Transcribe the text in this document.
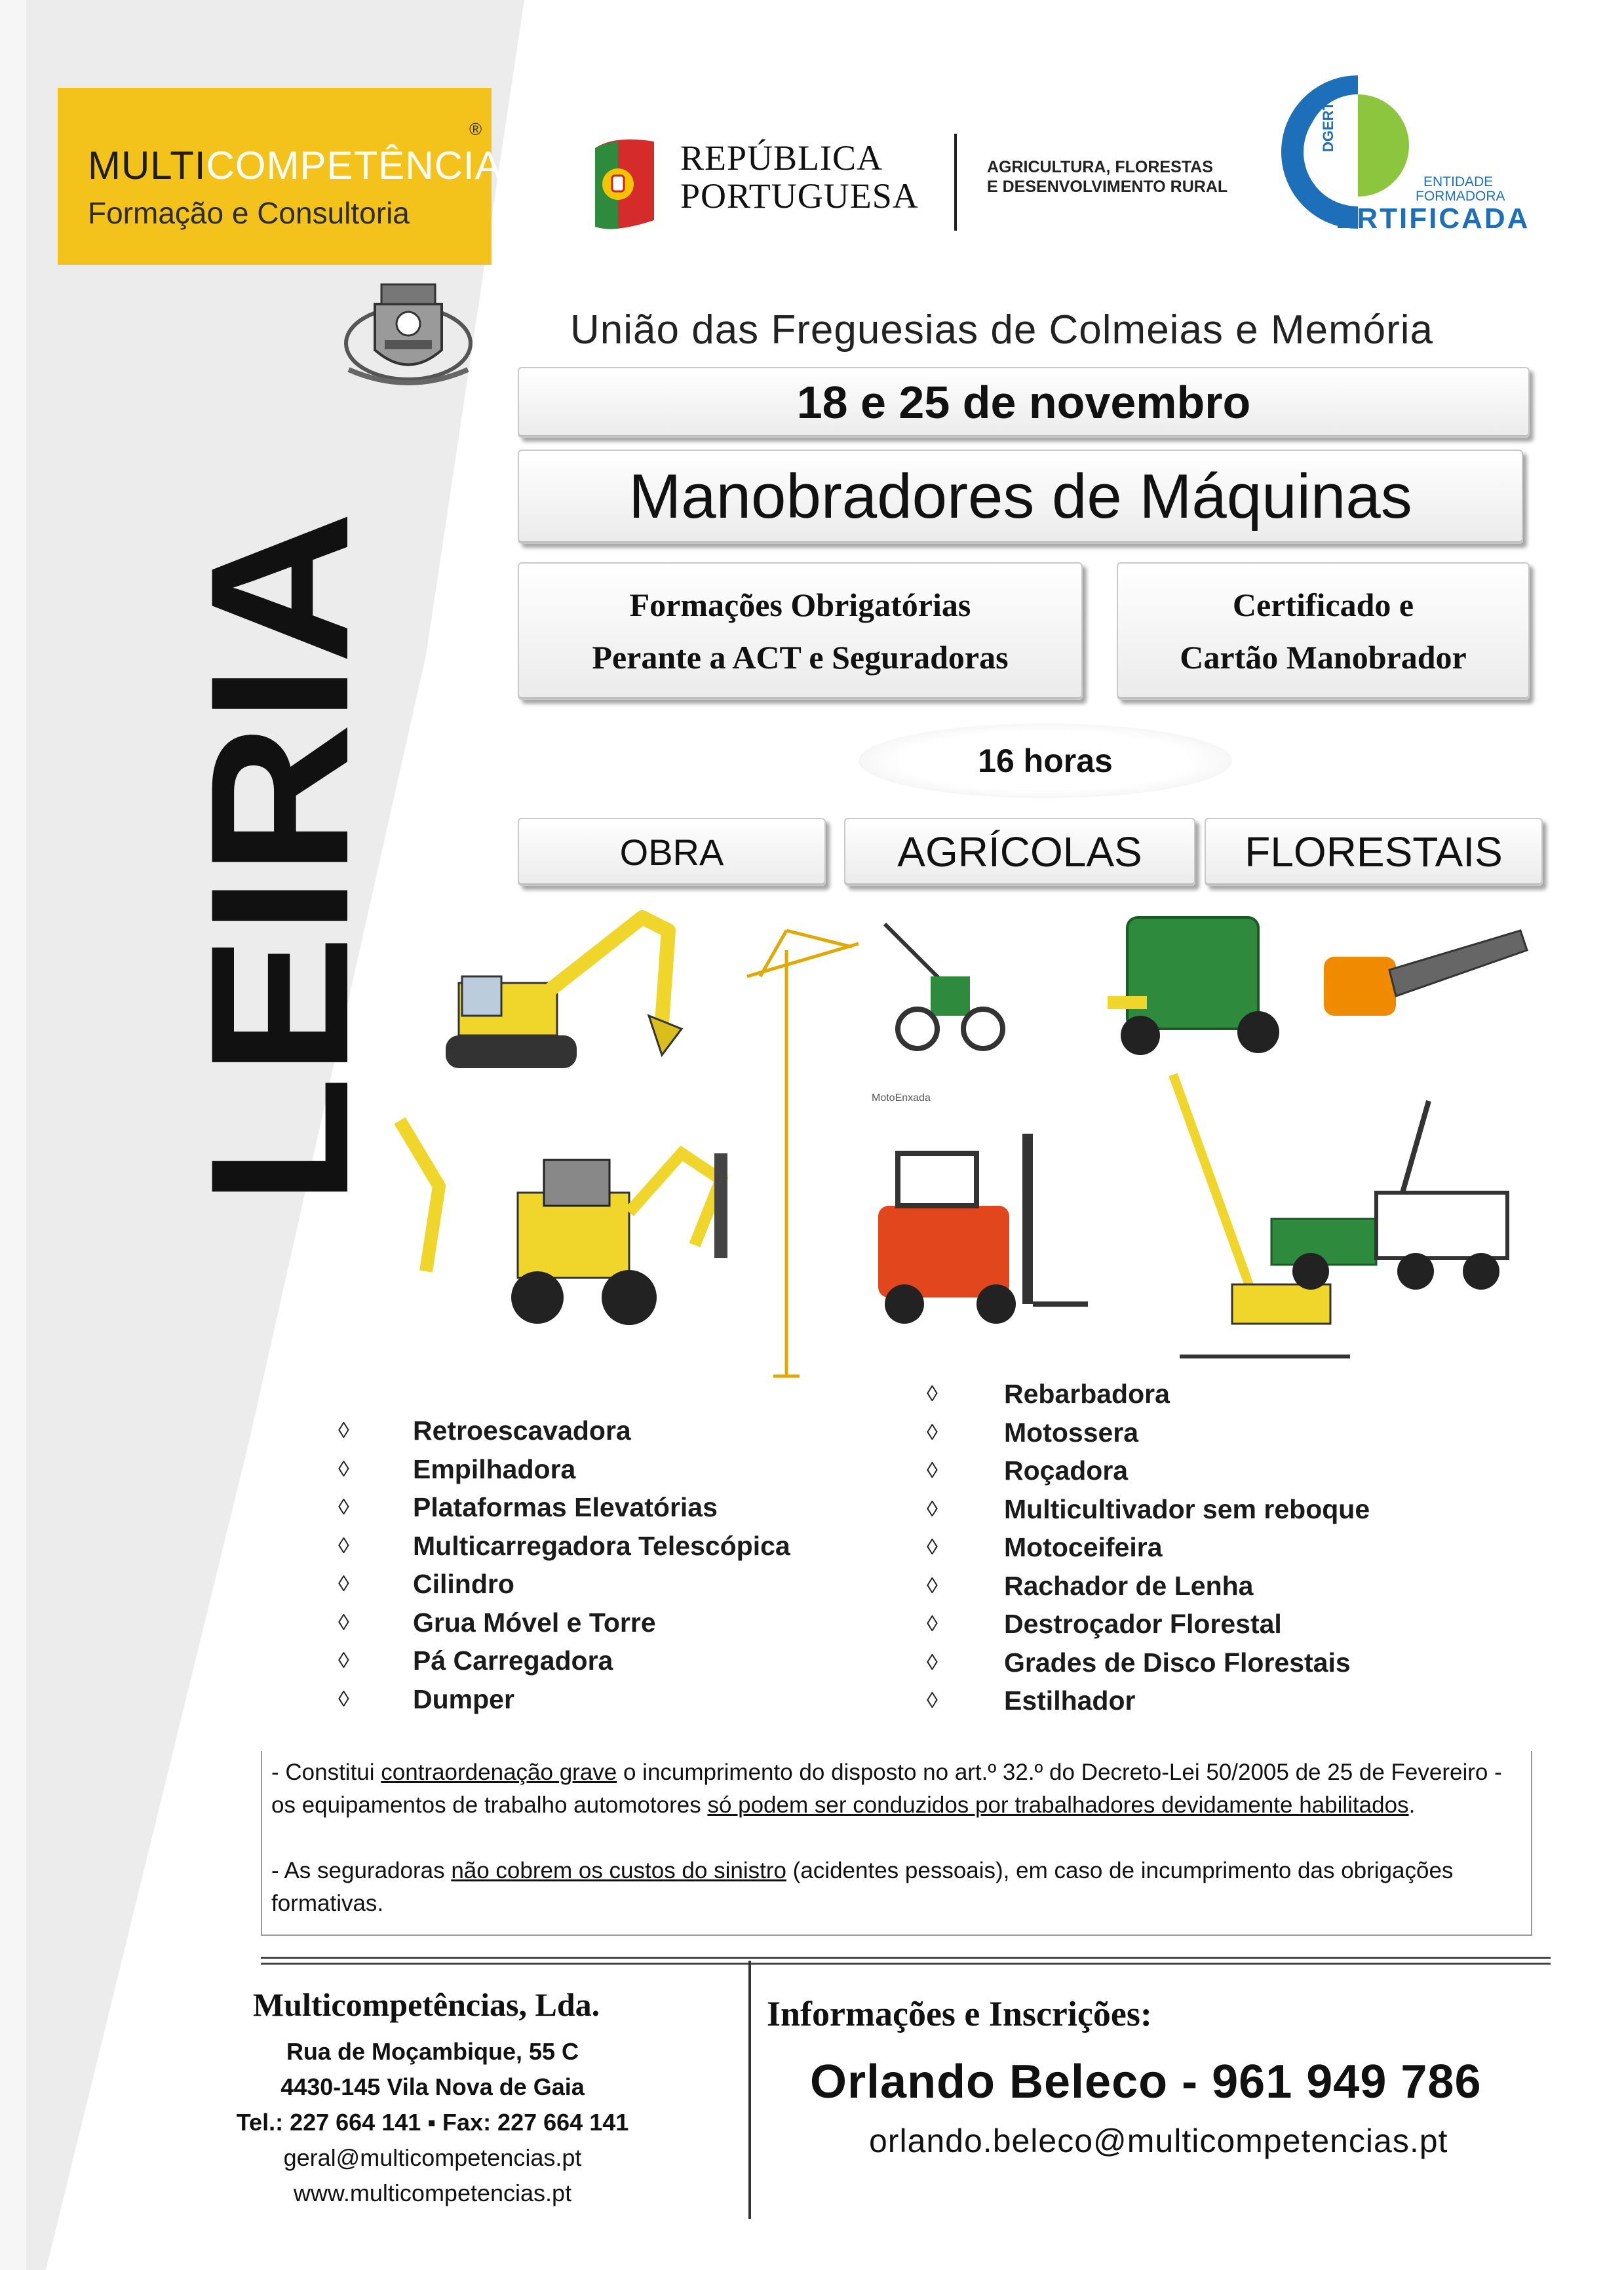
MULTICOMPETÊNCIAS
Formação e Consultoria
®
REPÚBLICA
PORTUGUESA
AGRICULTURA, FLORESTAS
E DESENVOLVIMENTO RURAL
DGERT
ENTIDADE
FORMADORA
ERTIFICADA
União das Freguesias de Colmeias e Memória
LEIRIA
18 e 25 de novembro
Manobradores de Máquinas
Formações Obrigatórias
Perante a ACT e Seguradoras
Certificado e
Cartão Manobrador
16 horas
OBRA	AGRÍCOLAS	FLORESTAIS
MotoEnxada
◊ Retroescavadora
◊ Empilhadora
◊ Plataformas Elevatórias
◊ Multicarregadora Telescópica
◊ Cilindro
◊ Grua Móvel e Torre
◊ Pá Carregadora
◊ Dumper
◊ Rebarbadora
◊ Motossera
◊ Roçadora
◊ Multicultivador sem reboque
◊ Motoceifeira
◊ Rachador de Lenha
◊ Destroçador Florestal
◊ Grades de Disco Florestais
◊ Estilhador

- Constitui contraordenação grave o incumprimento do disposto no art.º 32.º do Decreto-Lei 50/2005 de 25 de Fevereiro - os equipamentos de trabalho automotores só podem ser conduzidos por trabalhadores devidamente habilitados.

- As seguradoras não cobrem os custos do sinistro (acidentes pessoais), em caso de incumprimento das obrigações formativas.

Multicompetências, Lda.
Rua de Moçambique, 55 C
4430-145 Vila Nova de Gaia
Tel.: 227 664 141 ▪ Fax: 227 664 141
geral@multicompetencias.pt
www.multicompetencias.pt
Informações e Inscrições:
Orlando Beleco - 961 949 786
orlando.beleco@multicompetencias.pt
